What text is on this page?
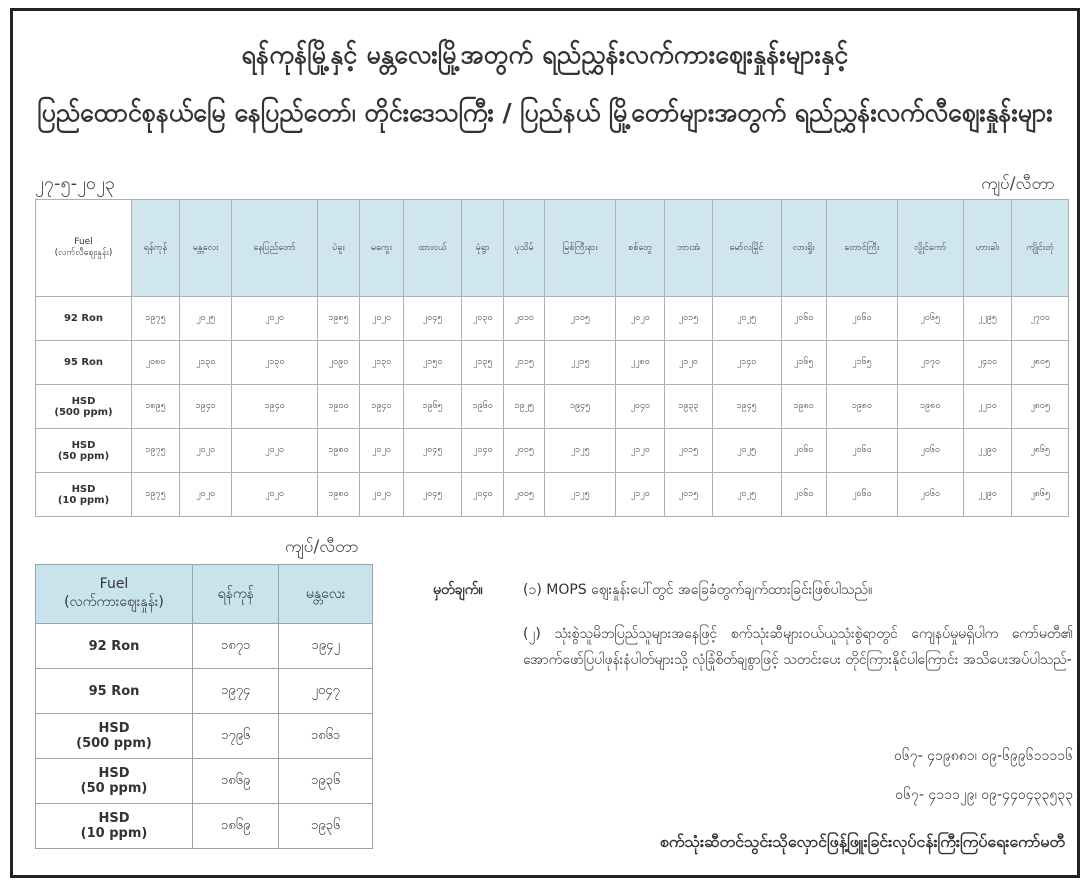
ရန်ကုန်မြို့နှင့် မန္တလေးမြို့အတွက် ရည်ညွှန်းလက်ကားဈေးနှုန်းများနှင့်
ပြည်ထောင်စုနယ်မြေ နေပြည်တော်၊ တိုင်းဒေသကြီး / ပြည်နယ် မြို့တော်များအတွက် ရည်ညွှန်းလက်လီဈေးနှုန်းများ
၂၇-၅-၂၀၂၃	ကျပ်/လီတာ
Fuel
(လက်လီဈေးနှုန်း)	ရန်ကုန်	မန္တလေး	နေပြည်တော်	ပဲခူး	မကွေး	ထားဝယ်	မုံရွာ	ပုသိမ်	မြစ်ကြီးနား	စစ်တွေ	ဘားအံ	မော်လမြိုင်	လားရှိုး	တောင်ကြီး	လွိုင်ကော်	ဟားခါး	ကျိုင်းတုံ
92 Ron	၁၉၇၅	၂၀၂၅	၂၀၂၀	၁၉၈၅	၂၀၂၀	၂၀၄၅	၂၀၃၀	၂၀၁၀	၂၁၀၅	၂၀၂၀	၂၀၁၅	၂၀၂၅	၂၀၆၀	၂၀၆၀	၂၀၆၅	၂၂၉၅	၂၇၀၀
95 Ron	၂၀၈၀	၂၁၃၀	၂၁၃၀	၂၀၉၀	၂၁၃၀	၂၁၅၀	၂၁၃၅	၂၁၁၅	၂၂၁၅	၂၂၈၀	၂၁၂၀	၂၁၄၀	၂၁၆၅	၂၁၆၅	၂၁၇၀	၂၄၀၀	၂၈၀၅
HSD
(500 ppm)	၁၈၉၅	၁၉၄၀	၁၉၄၀	၁၉၀၀	၁၉၄၀	၁၉၆၅	၁၉၆၀	၁၉၂၅	၁၉၄၅	၂၀၄၀	၁၉၃၃	၁၉၄၅	၁၉၈၀	၁၉၈၀	၁၉၈၀	၂၂၁၀	၂၈၀၅
HSD
(50 ppm)	၁၉၇၅	၂၀၂၀	၂၀၂၀	၁၉၈၀	၂၀၂၀	၂၀၄၅	၂၀၄၀	၂၀၀၅	၂၁၂၅	၂၁၂၀	၂၀၁၅	၂၀၂၅	၂၀၆၀	၂၀၆၀	၂၀၆၀	၂၂၉၀	၂၈၆၅
HSD
(10 ppm)	၁၉၇၅	၂၀၂၀	၂၀၂၀	၁၉၈၀	၂၀၂၀	၂၀၄၅	၂၀၄၀	၂၀၀၅	၂၁၂၅	၂၁၂၀	၂၀၁၅	၂၀၂၅	၂၀၆၀	၂၀၆၀	၂၀၆၀	၂၂၉၀	၂၈၆၅
ကျပ်/လီတာ
Fuel
(လက်ကားဈေးနှုန်း)	ရန်ကုန်	မန္တလေး
92 Ron	၁၈၇၁	၁၉၄၂
95 Ron	၁၉၇၄	၂၀၄၇
HSD
(500 ppm)	၁၇၉၆	၁၈၆၁
HSD
(50 ppm)	၁၈၆၉	၁၉၃၆
HSD
(10 ppm)	၁၈၆၉	၁၉၃၆
မှတ်ချက်။	(၁) MOPS ဈေးနှုန်းပေါ်တွင် အခြေခံတွက်ချက်ထားခြင်းဖြစ်ပါသည်။
(၂) သုံးစွဲသူမိဘပြည်သူများအနေဖြင့် စက်သုံးဆီများဝယ်ယူသုံးစွဲရာတွင် ကျေနပ်မှုမရှိပါက ကော်မတီ၏ အောက်ဖော်ပြပါဖုန်းနံပါတ်များသို့ လုံခြုံစိတ်ချစွာဖြင့် သတင်းပေး တိုင်ကြားနိုင်ပါကြောင်း အသိပေးအပ်ပါသည်-
၀၆၇- ၄၁၉၈၈၁၊ ၀၉-၆၉၉၆၁၁၁၁၆
၀၆၇- ၄၁၁၁၂၉၊ ၀၉-၄၄၀၄၃၃၅၃၃
စက်သုံးဆီတင်သွင်းသိုလှောင်ဖြန့်ဖြူးခြင်းလုပ်ငန်းကြီးကြပ်ရေးကော်မတီ
